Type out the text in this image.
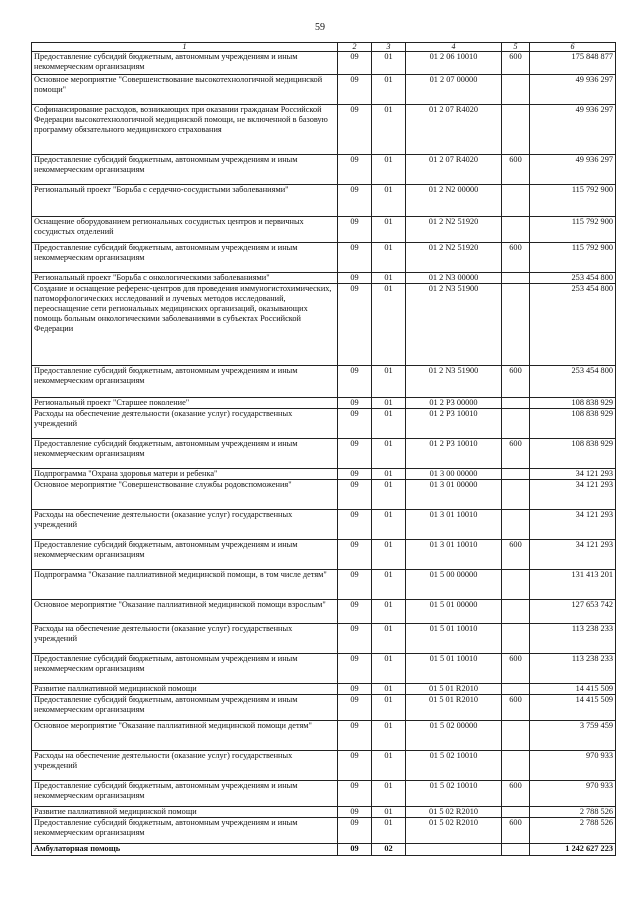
59
1	2	3	4	5	6
Предоставление субсидий бюджетным, автономным учреждениям и иным некоммерческим организациям	09	01	01 2 06 10010	600	175 848 877
Основное мероприятие "Совершенствование высокотехнологичной медицинской помощи"	09	01	01 2 07 00000		49 936 297
Софинансирование расходов, возникающих при оказании гражданам Российской Федерации высокотехнологичной медицинской помощи, не включенной в базовую программу обязательного медицинского страхования	09	01	01 2 07 R4020		49 936 297
Предоставление субсидий бюджетным, автономным учреждениям и иным некоммерческим организациям	09	01	01 2 07 R4020	600	49 936 297
Региональный проект "Борьба с сердечно-сосудистыми заболеваниями"	09	01	01 2 N2 00000		115 792 900
Оснащение оборудованием региональных сосудистых центров и первичных сосудистых отделений	09	01	01 2 N2 51920		115 792 900
Предоставление субсидий бюджетным, автономным учреждениям и иным некоммерческим организациям	09	01	01 2 N2 51920	600	115 792 900
Региональный проект "Борьба с онкологическими заболеваниями"	09	01	01 2 N3 00000		253 454 800
Создание и оснащение референс-центров для проведения иммуногистохимических, патоморфологических исследований и лучевых методов исследований, переоснащение сети региональных медицинских организаций, оказывающих помощь больным онкологическими заболеваниями в субъектах Российской Федерации	09	01	01 2 N3 51900		253 454 800
Предоставление субсидий бюджетным, автономным учреждениям и иным некоммерческим организациям	09	01	01 2 N3 51900	600	253 454 800
Региональный проект "Старшее поколение"	09	01	01 2 P3 00000		108 838 929
Расходы на обеспечение деятельности (оказание услуг) государственных учреждений	09	01	01 2 P3 10010		108 838 929
Предоставление субсидий бюджетным, автономным учреждениям и иным некоммерческим организациям	09	01	01 2 P3 10010	600	108 838 929
Подпрограмма "Охрана здоровья матери и ребенка"	09	01	01 3 00 00000		34 121 293
Основное мероприятие "Совершенствование службы родовспоможения"	09	01	01 3 01 00000		34 121 293
Расходы на обеспечение деятельности (оказание услуг) государственных учреждений	09	01	01 3 01 10010		34 121 293
Предоставление субсидий бюджетным, автономным учреждениям и иным некоммерческим организациям	09	01	01 3 01 10010	600	34 121 293
Подпрограмма "Оказание паллиативной медицинской помощи, в том числе детям"	09	01	01 5 00 00000		131 413 201
Основное мероприятие "Оказание паллиативной медицинской помощи взрослым"	09	01	01 5 01 00000		127 653 742
Расходы на обеспечение деятельности (оказание услуг) государственных учреждений	09	01	01 5 01 10010		113 238 233
Предоставление субсидий бюджетным, автономным учреждениям и иным некоммерческим организациям	09	01	01 5 01 10010	600	113 238 233
Развитие паллиативной медицинской помощи	09	01	01 5 01 R2010		14 415 509
Предоставление субсидий бюджетным, автономным учреждениям и иным некоммерческим организациям	09	01	01 5 01 R2010	600	14 415 509
Основное мероприятие "Оказание паллиативной медицинской помощи детям"	09	01	01 5 02 00000		3 759 459
Расходы на обеспечение деятельности (оказание услуг) государственных учреждений	09	01	01 5 02 10010		970 933
Предоставление субсидий бюджетным, автономным учреждениям и иным некоммерческим организациям	09	01	01 5 02 10010	600	970 933
Развитие паллиативной медицинской помощи	09	01	01 5 02 R2010		2 788 526
Предоставление субсидий бюджетным, автономным учреждениям и иным некоммерческим организациям	09	01	01 5 02 R2010	600	2 788 526
Амбулаторная помощь	09	02			1 242 627 223
